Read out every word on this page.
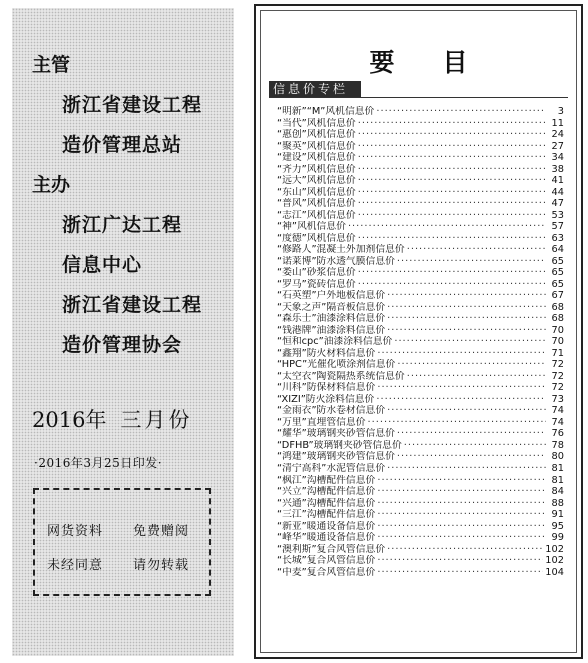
主管
浙江省建设工程
造价管理总站
主办
浙江广达工程
信息中心
浙江省建设工程
造价管理协会
2016年 三月份
·2016年3月25日印发·
网货资料 免费赠阅
未经同意 请勿转载
要 目
信息价专栏
“明新”“M”风机信息价 ·····	3
“当代”风机信息价 ·····	11
“惠创”风机信息价 ·····	24
“聚英”风机信息价 ·····	27
“建设”风机信息价 ·····	34
“齐力”风机信息价 ·····	38
“远大”风机信息价 ·····	41
“东山”风机信息价 ·····	44
“普风”风机信息价 ·····	47
“志江”风机信息价 ·····	53
“神”风机信息价 ·····	57
“度德”风机信息价 ·····	63
“修路人”混凝土外加剂信息价 ·····	64
“诺莱博”防水透气膜信息价 ·····	65
“娄山”砂浆信息价 ·····	65
“罗马”瓷砖信息价 ·····	65
“石英塑”户外地板信息价 ·····	67
“天象之声”隔音板信息价 ·····	68
“森乐士”油漆涂料信息价 ·····	68
“钱港牌”油漆涂料信息价 ·····	70
“恒和cpc”油漆涂料信息价 ·····	70
“鑫翔”防火材料信息价 ·····	71
“HPC”光催化喷涂剂信息价 ·····	72
“太空衣”陶瓷隔热系统信息价 ·····	72
“川科”防保材料信息价 ·····	72
“XIZI”防火涂料信息价 ·····	73
“金雨衣”防水卷材信息价 ·····	74
“万里”直埋管信息价 ·····	74
“耀华”玻璃钢夹砂管信息价 ·····	76
“DFHB”玻璃钢夹砂管信息价 ·····	78
“鸿建”玻璃钢夹砂管信息价 ·····	80
“清宁高科”水泥管信息价 ·····	81
“枫江”沟槽配件信息价 ·····	81
“兴立”沟槽配件信息价 ·····	84
“兴通”沟槽配件信息价 ·····	88
“三江”沟槽配件信息价 ·····	91
“新亚”暖通设备信息价 ·····	95
“峰华”暖通设备信息价 ·····	99
“澳利斯”复合风管信息价 ·····	102
“长城”复合风管信息价 ·····	102
“中麦”复合风管信息价 ·····	104
